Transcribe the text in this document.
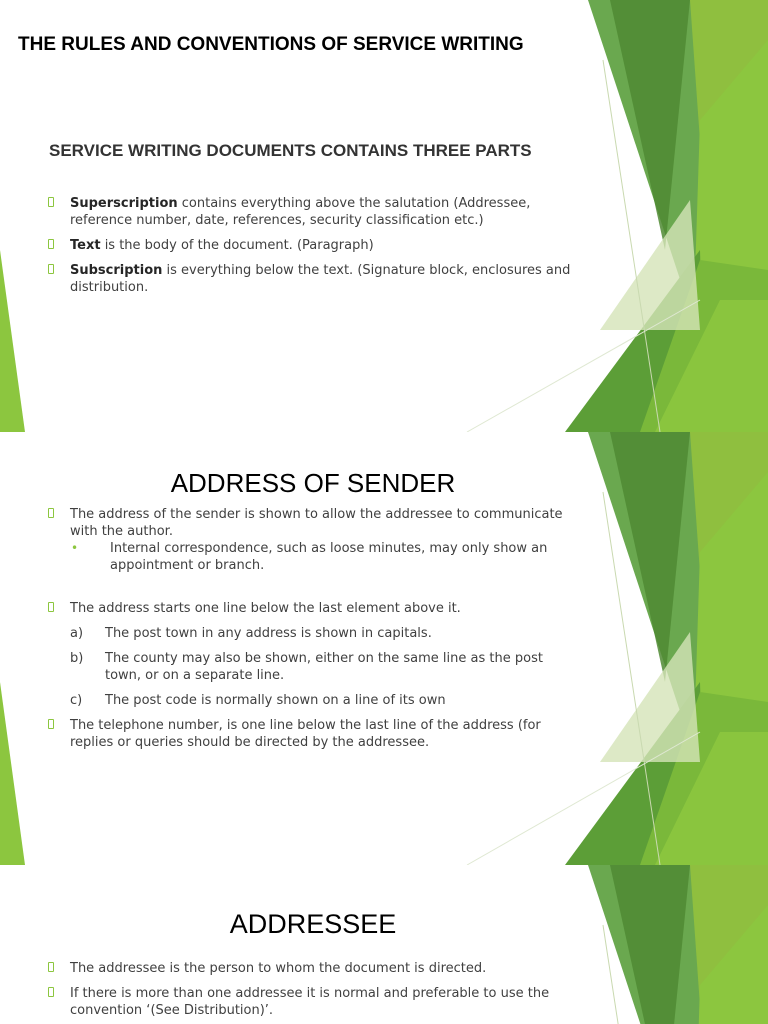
THE RULES AND CONVENTIONS OF SERVICE WRITING
SERVICE WRITING DOCUMENTS CONTAINS THREE PARTS
Superscription contains everything above the salutation (Addressee, reference number, date, references, security classification etc.)
Text is the body of the document. (Paragraph)
Subscription is everything below the text. (Signature block, enclosures and distribution.
ADDRESS OF SENDER
The address of the sender is shown to allow the addressee to communicate with the author.
• Internal correspondence, such as loose minutes, may only show an appointment or branch.
The address starts one line below the last element above it.
a) The post town in any address is shown in capitals.
b) The county may also be shown, either on the same line as the post town, or on a separate line.
c) The post code is normally shown on a line of its own
The telephone number, is one line below the last line of the address (for replies or queries should be directed by the addressee.
ADDRESSEE
The addressee is the person to whom the document is directed.
If there is more than one addressee it is normal and preferable to use the convention ‘(See Distribution)’.
